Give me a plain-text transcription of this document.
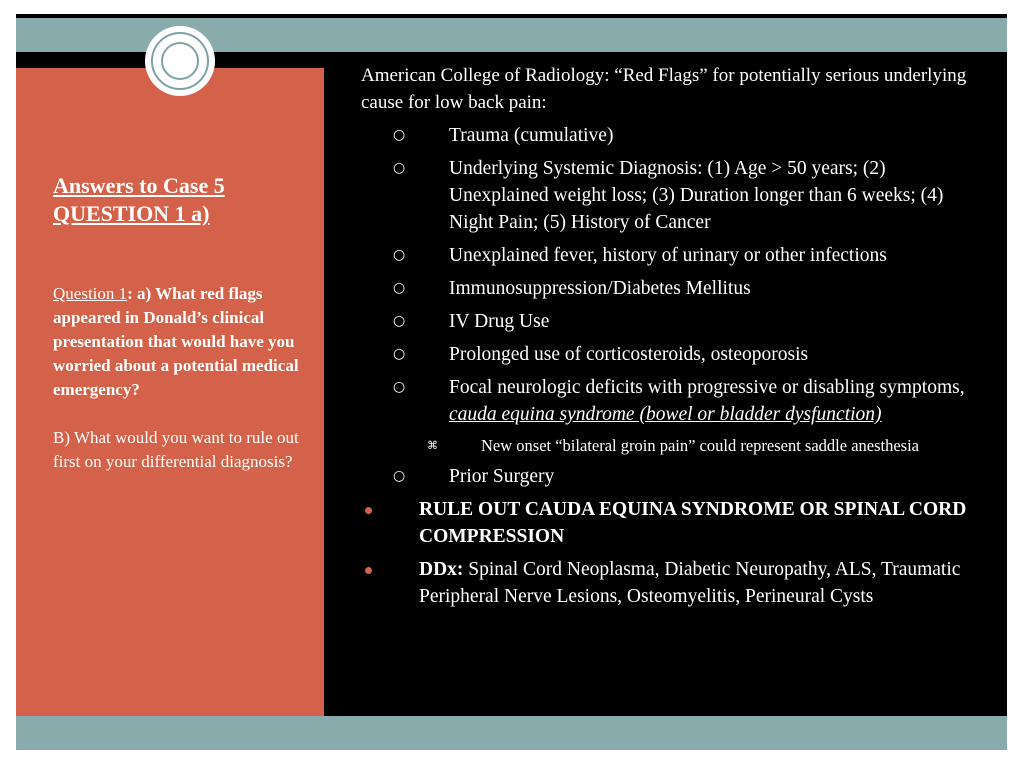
Answers to Case 5
QUESTION 1 a)
Question 1: a) What red flags appeared in Donald’s clinical presentation that would have you worried about a potential medical emergency?
B) What would you want to rule out first on your differential diagnosis?

American College of Radiology: “Red Flags” for potentially serious underlying cause for low back pain:

○ Trauma (cumulative)
○ Underlying Systemic Diagnosis: (1) Age > 50 years; (2) Unexplained weight loss; (3) Duration longer than 6 weeks; (4) Night Pain; (5) History of Cancer
○ Unexplained fever, history of urinary or other infections
○ Immunosuppression/Diabetes Mellitus
○ IV Drug Use
○ Prolonged use of corticosteroids, osteoporosis
○ Focal neurologic deficits with progressive or disabling symptoms, cauda equina syndrome (bowel or bladder dysfunction)
⌘	New onset “bilateral groin pain” could represent saddle anesthesia
○ Prior Surgery
RULE OUT CAUDA EQUINA SYNDROME OR SPINAL CORD COMPRESSION
DDx: Spinal Cord Neoplasma, Diabetic Neuropathy, ALS, Traumatic Peripheral Nerve Lesions, Osteomyelitis, Perineural Cysts
